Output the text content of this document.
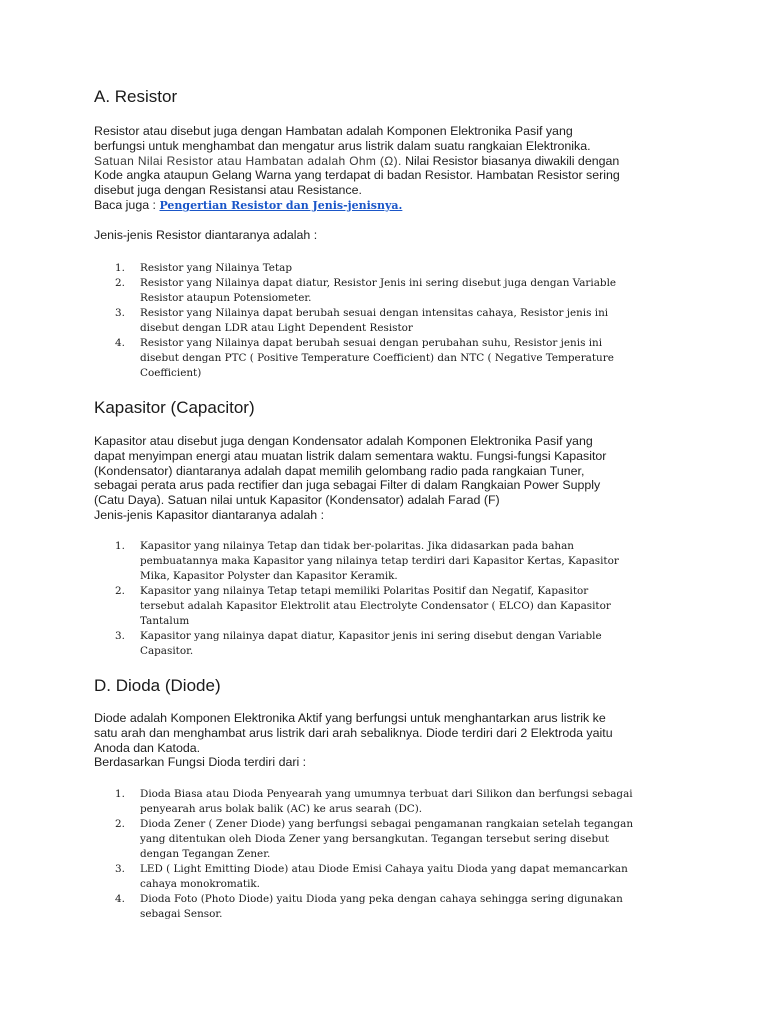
A. Resistor
Resistor atau disebut juga dengan Hambatan adalah Komponen Elektronika Pasif yang
berfungsi untuk menghambat dan mengatur arus listrik dalam suatu rangkaian Elektronika.
Satuan Nilai Resistor atau Hambatan adalah Ohm (Ω). Nilai Resistor biasanya diwakili dengan
Kode angka ataupun Gelang Warna yang terdapat di badan Resistor. Hambatan Resistor sering
disebut juga dengan Resistansi atau Resistance.
Baca juga : Pengertian Resistor dan Jenis-jenisnya.
Jenis-jenis Resistor diantaranya adalah :
1. Resistor yang Nilainya Tetap
2. Resistor yang Nilainya dapat diatur, Resistor Jenis ini sering disebut juga dengan Variable
Resistor ataupun Potensiometer.
3. Resistor yang Nilainya dapat berubah sesuai dengan intensitas cahaya, Resistor jenis ini
disebut dengan LDR atau Light Dependent Resistor
4. Resistor yang Nilainya dapat berubah sesuai dengan perubahan suhu, Resistor jenis ini
disebut dengan PTC ( Positive Temperature Coefficient) dan NTC ( Negative Temperature
Coefficient)
Kapasitor (Capacitor)
Kapasitor atau disebut juga dengan Kondensator adalah Komponen Elektronika Pasif yang
dapat menyimpan energi atau muatan listrik dalam sementara waktu. Fungsi-fungsi Kapasitor
(Kondensator) diantaranya adalah dapat memilih gelombang radio pada rangkaian Tuner,
sebagai perata arus pada rectifier dan juga sebagai Filter di dalam Rangkaian Power Supply
(Catu Daya). Satuan nilai untuk Kapasitor (Kondensator) adalah Farad (F)
Jenis-jenis Kapasitor diantaranya adalah :
1. Kapasitor yang nilainya Tetap dan tidak ber-polaritas. Jika didasarkan pada bahan
pembuatannya maka Kapasitor yang nilainya tetap terdiri dari Kapasitor Kertas, Kapasitor
Mika, Kapasitor Polyster dan Kapasitor Keramik.
2. Kapasitor yang nilainya Tetap tetapi memiliki Polaritas Positif dan Negatif, Kapasitor
tersebut adalah Kapasitor Elektrolit atau Electrolyte Condensator ( ELCO) dan Kapasitor
Tantalum
3. Kapasitor yang nilainya dapat diatur, Kapasitor jenis ini sering disebut dengan Variable
Capasitor.
D. Dioda (Diode)
Diode adalah Komponen Elektronika Aktif yang berfungsi untuk menghantarkan arus listrik ke
satu arah dan menghambat arus listrik dari arah sebaliknya. Diode terdiri dari 2 Elektroda yaitu
Anoda dan Katoda.
Berdasarkan Fungsi Dioda terdiri dari :
1. Dioda Biasa atau Dioda Penyearah yang umumnya terbuat dari Silikon dan berfungsi sebagai
penyearah arus bolak balik (AC) ke arus searah (DC).
2. Dioda Zener ( Zener Diode) yang berfungsi sebagai pengamanan rangkaian setelah tegangan
yang ditentukan oleh Dioda Zener yang bersangkutan. Tegangan tersebut sering disebut
dengan Tegangan Zener.
3. LED ( Light Emitting Diode) atau Diode Emisi Cahaya yaitu Dioda yang dapat memancarkan
cahaya monokromatik.
4. Dioda Foto (Photo Diode) yaitu Dioda yang peka dengan cahaya sehingga sering digunakan
sebagai Sensor.
